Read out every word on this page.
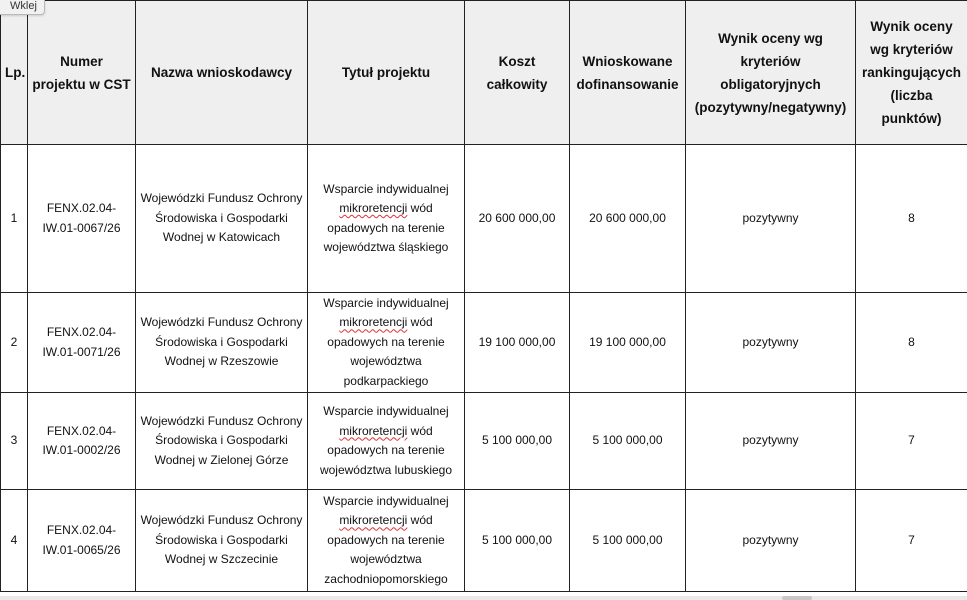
Lp.	Numer projektu w CST	Nazwa wnioskodawcy	Tytuł projektu	Koszt całkowity	Wnioskowane dofinansowanie	Wynik oceny wg kryteriów obligatoryjnych (pozytywny/negatywny)	Wynik oceny wg kryteriów rankingujących (liczba punktów)
1	FENX.02.04-IW.01-0067/26	Wojewódzki Fundusz Ochrony Środowiska i Gospodarki Wodnej w Katowicach	Wsparcie indywidualnej mikroretencji wód opadowych na terenie województwa śląskiego	20 600 000,00	20 600 000,00	pozytywny	8
2	FENX.02.04-IW.01-0071/26	Wojewódzki Fundusz Ochrony Środowiska i Gospodarki Wodnej w Rzeszowie	Wsparcie indywidualnej mikroretencji wód opadowych na terenie województwa podkarpackiego	19 100 000,00	19 100 000,00	pozytywny	8
3	FENX.02.04-IW.01-0002/26	Wojewódzki Fundusz Ochrony Środowiska i Gospodarki Wodnej w Zielonej Górze	Wsparcie indywidualnej mikroretencji wód opadowych na terenie województwa lubuskiego	5 100 000,00	5 100 000,00	pozytywny	7
4	FENX.02.04-IW.01-0065/26	Wojewódzki Fundusz Ochrony Środowiska i Gospodarki Wodnej w Szczecinie	Wsparcie indywidualnej mikroretencji wód opadowych na terenie województwa zachodniopomorskiego	5 100 000,00	5 100 000,00	pozytywny	7
Wklej
